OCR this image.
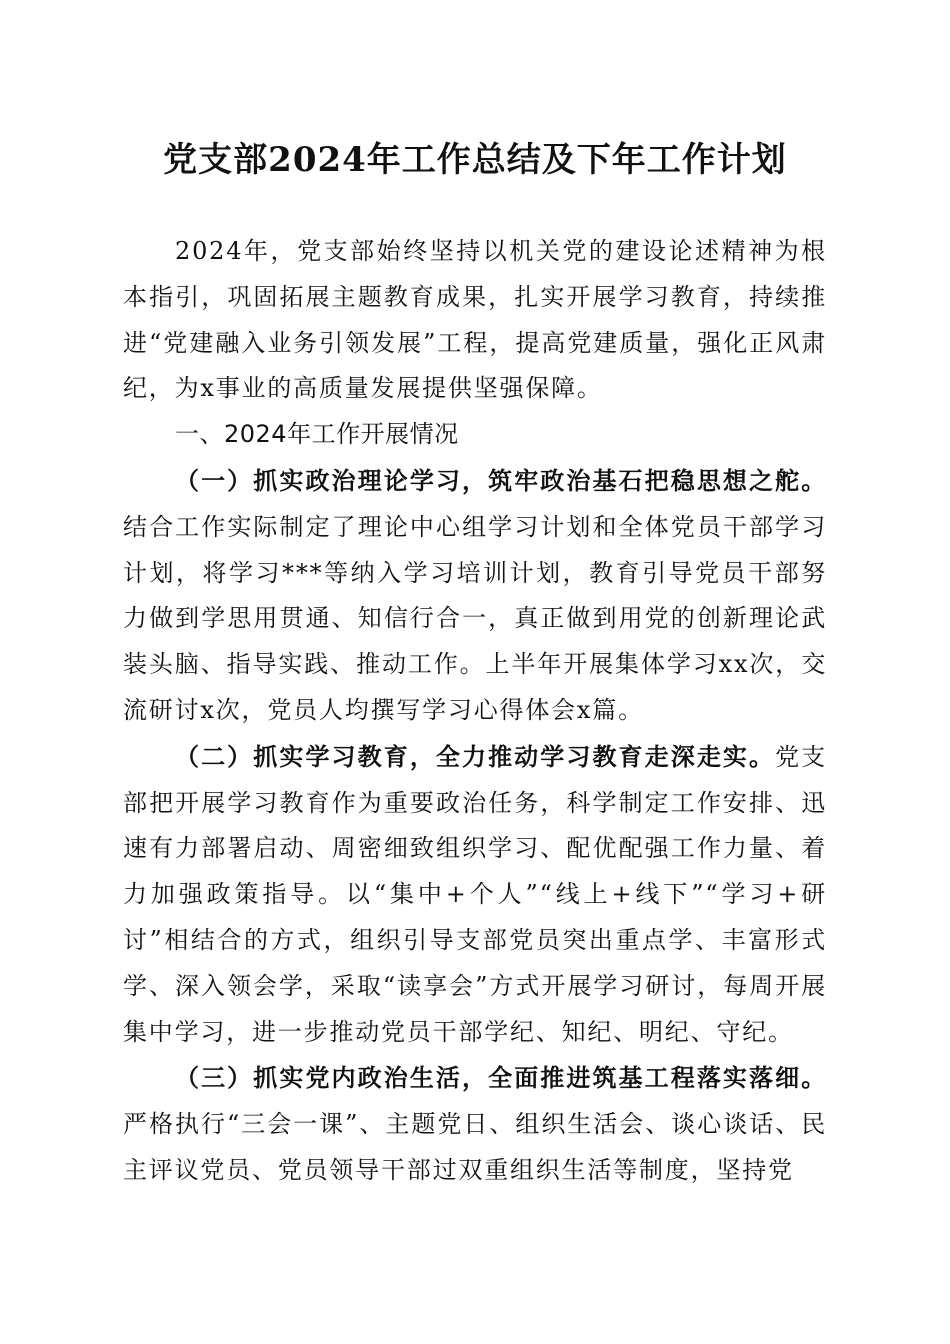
党支部2024年工作总结及下年工作计划

2024年，党支部始终坚持以机关党的建设论述精神为根本指引，巩固拓展主题教育成果，扎实开展学习教育，持续推进“党建融入业务引领发展”工程，提高党建质量，强化正风肃纪，为x事业的高质量发展提供坚强保障。

一、2024年工作开展情况

（一）抓实政治理论学习，筑牢政治基石把稳思想之舵。结合工作实际制定了理论中心组学习计划和全体党员干部学习计划，将学习***等纳入学习培训计划，教育引导党员干部努力做到学思用贯通、知信行合一，真正做到用党的创新理论武装头脑、指导实践、推动工作。上半年开展集体学习xx次，交流研讨x次，党员人均撰写学习心得体会x篇。

（二）抓实学习教育，全力推动学习教育走深走实。党支部把开展学习教育作为重要政治任务，科学制定工作安排、迅速有力部署启动、周密细致组织学习、配优配强工作力量、着力加强政策指导。以“集中+个人”“线上+线下”“学习+研讨”相结合的方式，组织引导支部党员突出重点学、丰富形式学、深入领会学，采取“读享会”方式开展学习研讨，每周开展集中学习，进一步推动党员干部学纪、知纪、明纪、守纪。

（三）抓实党内政治生活，全面推进筑基工程落实落细。严格执行“三会一课”、主题党日、组织生活会、谈心谈话、民主评议党员、党员领导干部过双重组织生活等制度，坚持党
